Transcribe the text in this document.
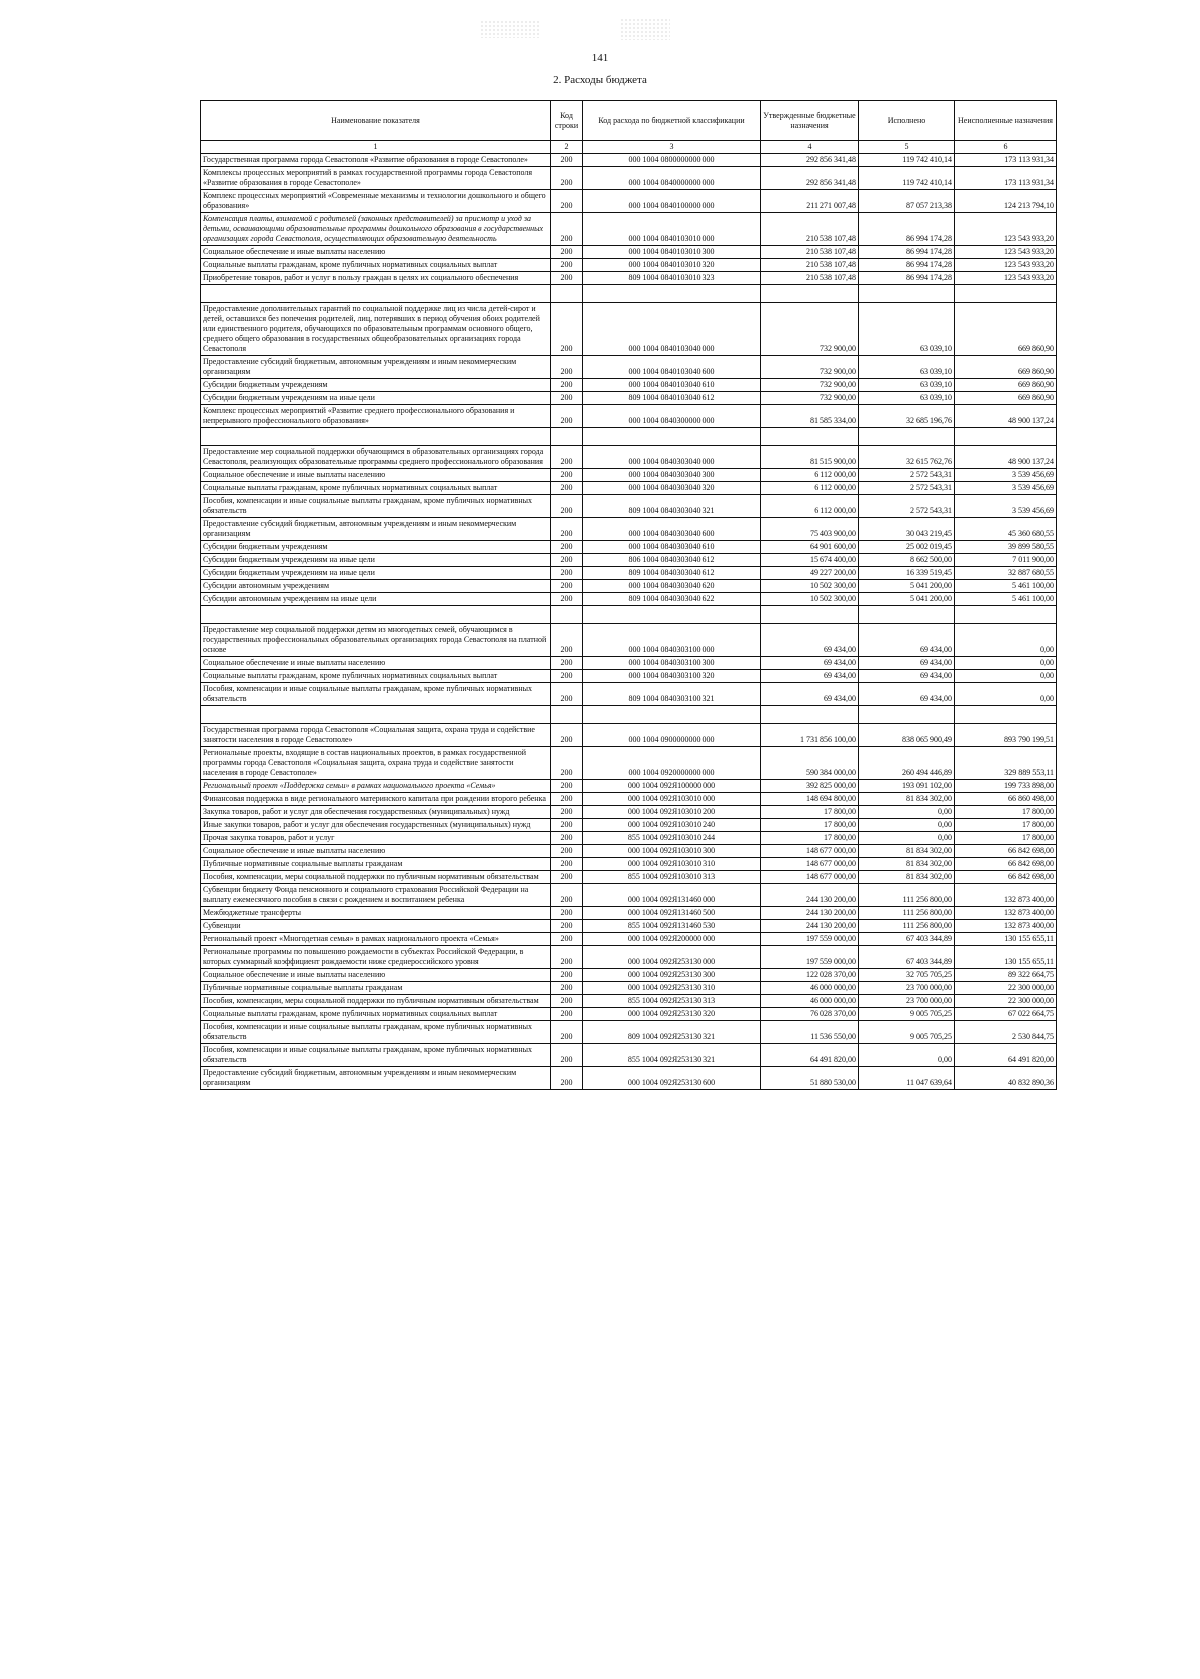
141
2. Расходы бюджета
Наименование показателя	Код строки	Код расхода по бюджетной классификации	Утвержденные бюджетные назначения	Исполнено	Неисполненные назначения
1	2	3	4	5	6
Государственная программа города Севастополя «Развитие образования в городе Севастополе»	200	000 1004 0800000000 000	292 856 341,48	119 742 410,14	173 113 931,34
Комплексы процессных мероприятий в рамках государственной программы города Севастополя «Развитие образования в городе Севастополе»	200	000 1004 0840000000 000	292 856 341,48	119 742 410,14	173 113 931,34
Комплекс процессных мероприятий «Современные механизмы и технологии дошкольного и общего образования»	200	000 1004 0840100000 000	211 271 007,48	87 057 213,38	124 213 794,10
Компенсация платы, взимаемой с родителей (законных представителей) за присмотр и уход за детьми, осваивающими образовательные программы дошкольного образования в государственных организациях города Севастополя, осуществляющих образовательную деятельность	200	000 1004 0840103010 000	210 538 107,48	86 994 174,28	123 543 933,20
Социальное обеспечение и иные выплаты населению	200	000 1004 0840103010 300	210 538 107,48	86 994 174,28	123 543 933,20
Социальные выплаты гражданам, кроме публичных нормативных социальных выплат	200	000 1004 0840103010 320	210 538 107,48	86 994 174,28	123 543 933,20
Приобретение товаров, работ и услуг в пользу граждан в целях их социального обеспечения	200	809 1004 0840103010 323	210 538 107,48	86 994 174,28	123 543 933,20

Предоставление дополнительных гарантий по социальной поддержке лиц из числа детей-сирот и детей, оставшихся без попечения родителей, лиц, потерявших в период обучения обоих родителей или единственного родителя, обучающихся по образовательным программам основного общего, среднего общего образования в государственных общеобразовательных организациях города Севастополя	200	000 1004 0840103040 000	732 900,00	63 039,10	669 860,90
Предоставление субсидий бюджетным, автономным учреждениям и иным некоммерческим организациям	200	000 1004 0840103040 600	732 900,00	63 039,10	669 860,90
Субсидии бюджетным учреждениям	200	000 1004 0840103040 610	732 900,00	63 039,10	669 860,90
Субсидии бюджетным учреждениям на иные цели	200	809 1004 0840103040 612	732 900,00	63 039,10	669 860,90
Комплекс процессных мероприятий «Развитие среднего профессионального образования и непрерывного профессионального образования»	200	000 1004 0840300000 000	81 585 334,00	32 685 196,76	48 900 137,24

Предоставление мер социальной поддержки обучающимся в образовательных организациях города Севастополя, реализующих образовательные программы среднего профессионального образования	200	000 1004 0840303040 000	81 515 900,00	32 615 762,76	48 900 137,24
Социальное обеспечение и иные выплаты населению	200	000 1004 0840303040 300	6 112 000,00	2 572 543,31	3 539 456,69
Социальные выплаты гражданам, кроме публичных нормативных социальных выплат	200	000 1004 0840303040 320	6 112 000,00	2 572 543,31	3 539 456,69
Пособия, компенсации и иные социальные выплаты гражданам, кроме публичных нормативных обязательств	200	809 1004 0840303040 321	6 112 000,00	2 572 543,31	3 539 456,69
Предоставление субсидий бюджетным, автономным учреждениям и иным некоммерческим организациям	200	000 1004 0840303040 600	75 403 900,00	30 043 219,45	45 360 680,55
Субсидии бюджетным учреждениям	200	000 1004 0840303040 610	64 901 600,00	25 002 019,45	39 899 580,55
Субсидии бюджетным учреждениям на иные цели	200	806 1004 0840303040 612	15 674 400,00	8 662 500,00	7 011 900,00
Субсидии бюджетным учреждениям на иные цели	200	809 1004 0840303040 612	49 227 200,00	16 339 519,45	32 887 680,55
Субсидии автономным учреждениям	200	000 1004 0840303040 620	10 502 300,00	5 041 200,00	5 461 100,00
Субсидии автономным учреждениям на иные цели	200	809 1004 0840303040 622	10 502 300,00	5 041 200,00	5 461 100,00

Предоставление мер социальной поддержки детям из многодетных семей, обучающимся в государственных профессиональных образовательных организациях города Севастополя на платной основе	200	000 1004 0840303100 000	69 434,00	69 434,00	0,00
Социальное обеспечение и иные выплаты населению	200	000 1004 0840303100 300	69 434,00	69 434,00	0,00
Социальные выплаты гражданам, кроме публичных нормативных социальных выплат	200	000 1004 0840303100 320	69 434,00	69 434,00	0,00
Пособия, компенсации и иные социальные выплаты гражданам, кроме публичных нормативных обязательств	200	809 1004 0840303100 321	69 434,00	69 434,00	0,00

Государственная программа города Севастополя «Социальная защита, охрана труда и содействие занятости населения в городе Севастополе»	200	000 1004 0900000000 000	1 731 856 100,00	838 065 900,49	893 790 199,51
Региональные проекты, входящие в состав национальных проектов, в рамках государственной программы города Севастополя «Социальная защита, охрана труда и содействие занятости населения в городе Севастополе»	200	000 1004 0920000000 000	590 384 000,00	260 494 446,89	329 889 553,11
Региональный проект «Поддержка семьи» в рамках национального проекта «Семья»	200	000 1004 092Я100000 000	392 825 000,00	193 091 102,00	199 733 898,00
Финансовая поддержка в виде регионального материнского капитала при рождении второго ребенка	200	000 1004 092Я103010 000	148 694 800,00	81 834 302,00	66 860 498,00
Закупка товаров, работ и услуг для обеспечения государственных (муниципальных) нужд	200	000 1004 092Я103010 200	17 800,00	0,00	17 800,00
Иные закупки товаров, работ и услуг для обеспечения государственных (муниципальных) нужд	200	000 1004 092Я103010 240	17 800,00	0,00	17 800,00
Прочая закупка товаров, работ и услуг	200	855 1004 092Я103010 244	17 800,00	0,00	17 800,00
Социальное обеспечение и иные выплаты населению	200	000 1004 092Я103010 300	148 677 000,00	81 834 302,00	66 842 698,00
Публичные нормативные социальные выплаты гражданам	200	000 1004 092Я103010 310	148 677 000,00	81 834 302,00	66 842 698,00
Пособия, компенсации, меры социальной поддержки по публичным нормативным обязательствам	200	855 1004 092Я103010 313	148 677 000,00	81 834 302,00	66 842 698,00
Субвенции бюджету Фонда пенсионного и социального страхования Российской Федерации на выплату ежемесячного пособия в связи с рождением и воспитанием ребенка	200	000 1004 092Я131460 000	244 130 200,00	111 256 800,00	132 873 400,00
Межбюджетные трансферты	200	000 1004 092Я131460 500	244 130 200,00	111 256 800,00	132 873 400,00
Субвенции	200	855 1004 092Я131460 530	244 130 200,00	111 256 800,00	132 873 400,00
Региональный проект «Многодетная семья» в рамках национального проекта «Семья»	200	000 1004 092Я200000 000	197 559 000,00	67 403 344,89	130 155 655,11
Региональные программы по повышению рождаемости в субъектах Российской Федерации, в которых суммарный коэффициент рождаемости ниже среднероссийского уровня	200	000 1004 092Я253130 000	197 559 000,00	67 403 344,89	130 155 655,11
Социальное обеспечение и иные выплаты населению	200	000 1004 092Я253130 300	122 028 370,00	32 705 705,25	89 322 664,75
Публичные нормативные социальные выплаты гражданам	200	000 1004 092Я253130 310	46 000 000,00	23 700 000,00	22 300 000,00
Пособия, компенсации, меры социальной поддержки по публичным нормативным обязательствам	200	855 1004 092Я253130 313	46 000 000,00	23 700 000,00	22 300 000,00
Социальные выплаты гражданам, кроме публичных нормативных социальных выплат	200	000 1004 092Я253130 320	76 028 370,00	9 005 705,25	67 022 664,75
Пособия, компенсации и иные социальные выплаты гражданам, кроме публичных нормативных обязательств	200	809 1004 092Я253130 321	11 536 550,00	9 005 705,25	2 530 844,75
Пособия, компенсации и иные социальные выплаты гражданам, кроме публичных нормативных обязательств	200	855 1004 092Я253130 321	64 491 820,00	0,00	64 491 820,00
Предоставление субсидий бюджетным, автономным учреждениям и иным некоммерческим организациям	200	000 1004 092Я253130 600	51 880 530,00	11 047 639,64	40 832 890,36
